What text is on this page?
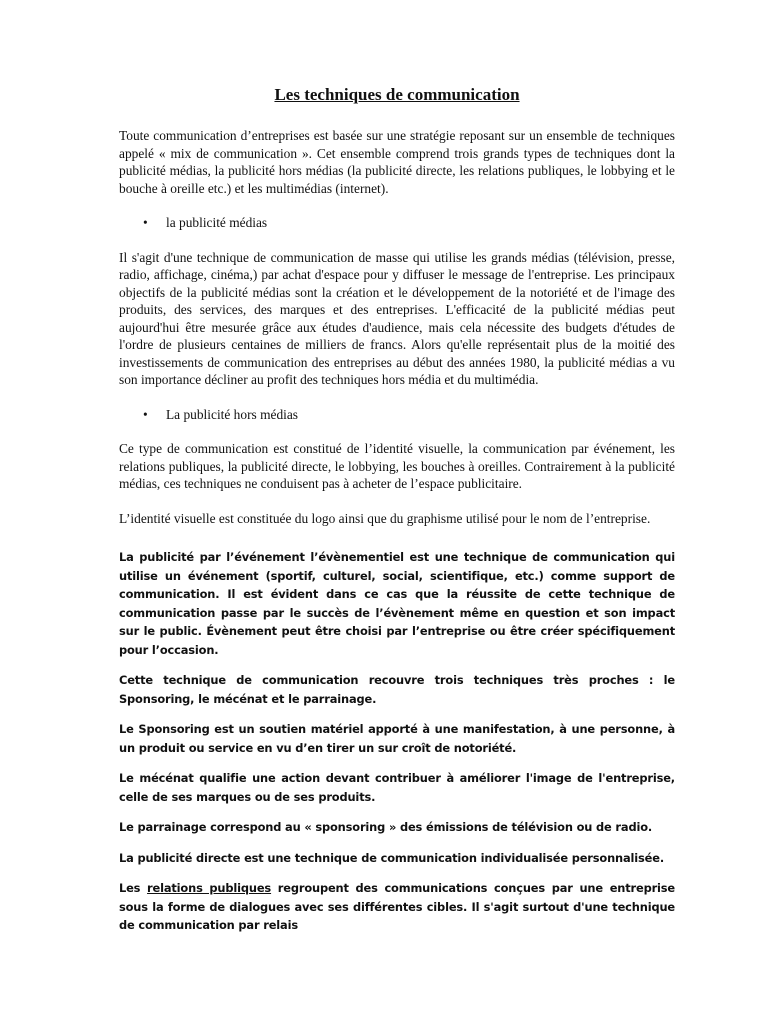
Les techniques de communication

Toute communication d’entreprises est basée sur une stratégie reposant sur un ensemble de techniques appelé « mix de communication ». Cet ensemble comprend trois grands types de techniques dont la publicité médias, la publicité hors médias (la publicité directe, les relations publiques, le lobbying et le bouche à oreille etc.) et les multimédias (internet).

• la publicité médias

Il s'agit d'une technique de communication de masse qui utilise les grands médias (télévision, presse, radio, affichage, cinéma,) par achat d'espace pour y diffuser le message de l'entreprise. Les principaux objectifs de la publicité médias sont la création et le développement de la notoriété et de l'image des produits, des services, des marques et des entreprises. L'efficacité de la publicité médias peut aujourd'hui être mesurée grâce aux études d'audience, mais cela nécessite des budgets d'études de l'ordre de plusieurs centaines de milliers de francs. Alors qu'elle représentait plus de la moitié des investissements de communication des entreprises au début des années 1980, la publicité médias a vu son importance décliner au profit des techniques hors média et du multimédia.

• La publicité hors médias

Ce type de communication est constitué de l’identité visuelle, la communication par événement, les relations publiques, la publicité directe, le lobbying, les bouches à oreilles. Contrairement à la publicité médias, ces techniques ne conduisent pas à acheter de l’espace publicitaire.

L’identité visuelle est constituée du logo ainsi que du graphisme utilisé pour le nom de l’entreprise.

La publicité par l’événement l’évènementiel est une technique de communication qui utilise un événement (sportif, culturel, social, scientifique, etc.) comme support de communication. Il est évident dans ce cas que la réussite de cette technique de communication passe par le succès de l’évènement même en question et son impact sur le public. Évènement peut être choisi par l’entreprise ou être créer spécifiquement pour l’occasion.

Cette technique de communication recouvre trois techniques très proches : le Sponsoring, le mécénat et le parrainage.

Le Sponsoring est un soutien matériel apporté à une manifestation, à une personne, à un produit ou service en vu d’en tirer un sur croît de notoriété.

Le mécénat qualifie une action devant contribuer à améliorer l'image de l'entreprise, celle de ses marques ou de ses produits.

Le parrainage correspond au « sponsoring » des émissions de télévision ou de radio.

La publicité directe est une technique de communication individualisée personnalisée.

Les relations publiques regroupent des communications conçues par une entreprise sous la forme de dialogues avec ses différentes cibles. Il s'agit surtout d'une technique de communication par relais
